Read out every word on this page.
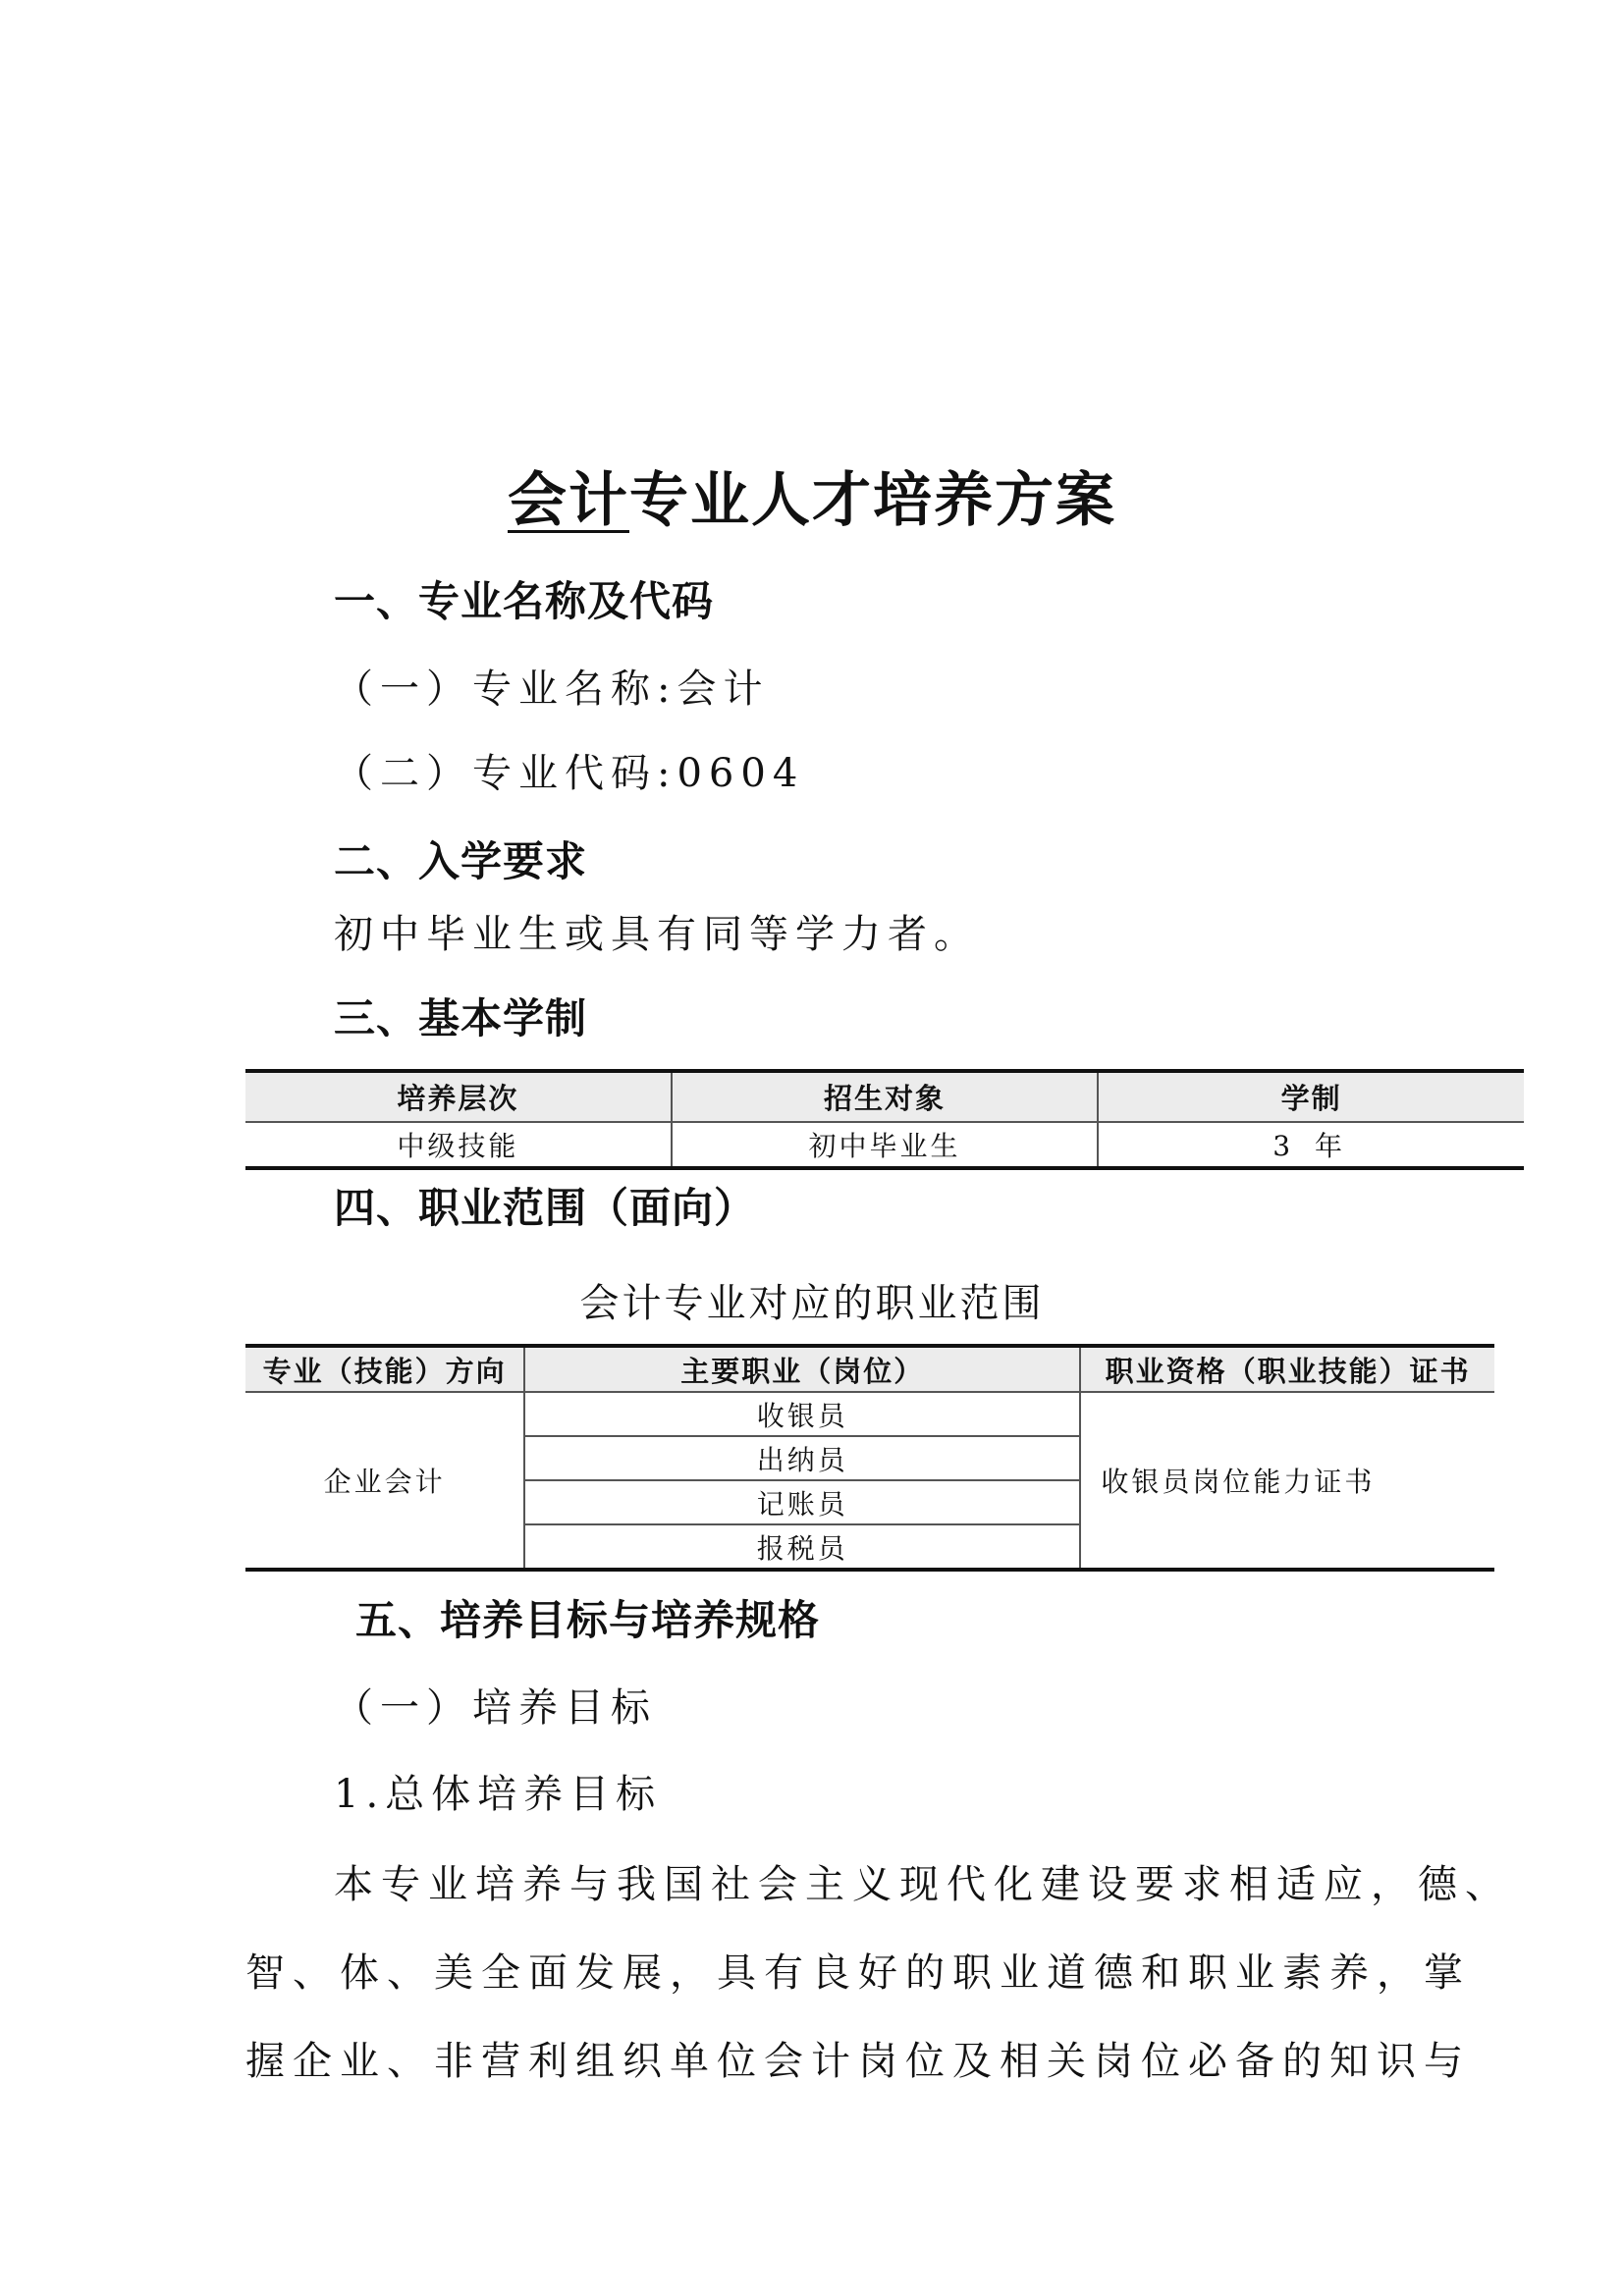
会计专业人才培养方案
一、专业名称及代码
（一）专业名称:会计
（二）专业代码:0604
二、入学要求
初中毕业生或具有同等学力者。
三、基本学制
培养层次	招生对象	学制
中级技能	初中毕业生	3 年
四、职业范围（面向）
会计专业对应的职业范围
专业（技能）方向	主要职业（岗位）	职业资格（职业技能）证书
企业会计	收银员	收银员岗位能力证书
	出纳员	
	记账员	
	报税员	
五、培养目标与培养规格
（一）培养目标
1.总体培养目标
本专业培养与我国社会主义现代化建设要求相适应，德、
智、体、美全面发展，具有良好的职业道德和职业素养，掌
握企业、非营利组织单位会计岗位及相关岗位必备的知识与
